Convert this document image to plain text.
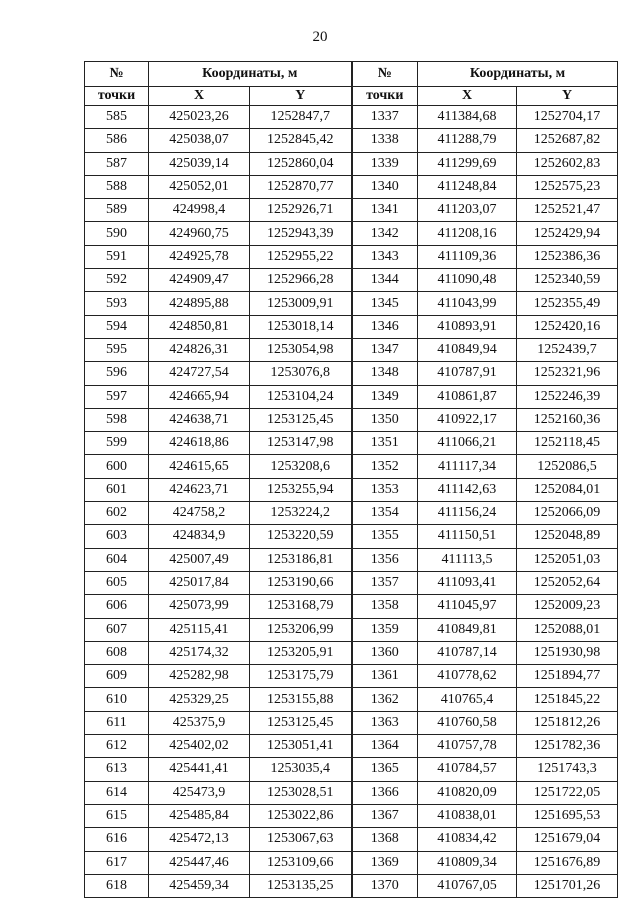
20
№	Координаты, м		№	Координаты, м	
точки	X	Y	точки	X	Y
585	425023,26	1252847,7	1337	411384,68	1252704,17
586	425038,07	1252845,42	1338	411288,79	1252687,82
587	425039,14	1252860,04	1339	411299,69	1252602,83
588	425052,01	1252870,77	1340	411248,84	1252575,23
589	424998,4	1252926,71	1341	411203,07	1252521,47
590	424960,75	1252943,39	1342	411208,16	1252429,94
591	424925,78	1252955,22	1343	411109,36	1252386,36
592	424909,47	1252966,28	1344	411090,48	1252340,59
593	424895,88	1253009,91	1345	411043,99	1252355,49
594	424850,81	1253018,14	1346	410893,91	1252420,16
595	424826,31	1253054,98	1347	410849,94	1252439,7
596	424727,54	1253076,8	1348	410787,91	1252321,96
597	424665,94	1253104,24	1349	410861,87	1252246,39
598	424638,71	1253125,45	1350	410922,17	1252160,36
599	424618,86	1253147,98	1351	411066,21	1252118,45
600	424615,65	1253208,6	1352	411117,34	1252086,5
601	424623,71	1253255,94	1353	411142,63	1252084,01
602	424758,2	1253224,2	1354	411156,24	1252066,09
603	424834,9	1253220,59	1355	411150,51	1252048,89
604	425007,49	1253186,81	1356	411113,5	1252051,03
605	425017,84	1253190,66	1357	411093,41	1252052,64
606	425073,99	1253168,79	1358	411045,97	1252009,23
607	425115,41	1253206,99	1359	410849,81	1252088,01
608	425174,32	1253205,91	1360	410787,14	1251930,98
609	425282,98	1253175,79	1361	410778,62	1251894,77
610	425329,25	1253155,88	1362	410765,4	1251845,22
611	425375,9	1253125,45	1363	410760,58	1251812,26
612	425402,02	1253051,41	1364	410757,78	1251782,36
613	425441,41	1253035,4	1365	410784,57	1251743,3
614	425473,9	1253028,51	1366	410820,09	1251722,05
615	425485,84	1253022,86	1367	410838,01	1251695,53
616	425472,13	1253067,63	1368	410834,42	1251679,04
617	425447,46	1253109,66	1369	410809,34	1251676,89
618	425459,34	1253135,25	1370	410767,05	1251701,26
